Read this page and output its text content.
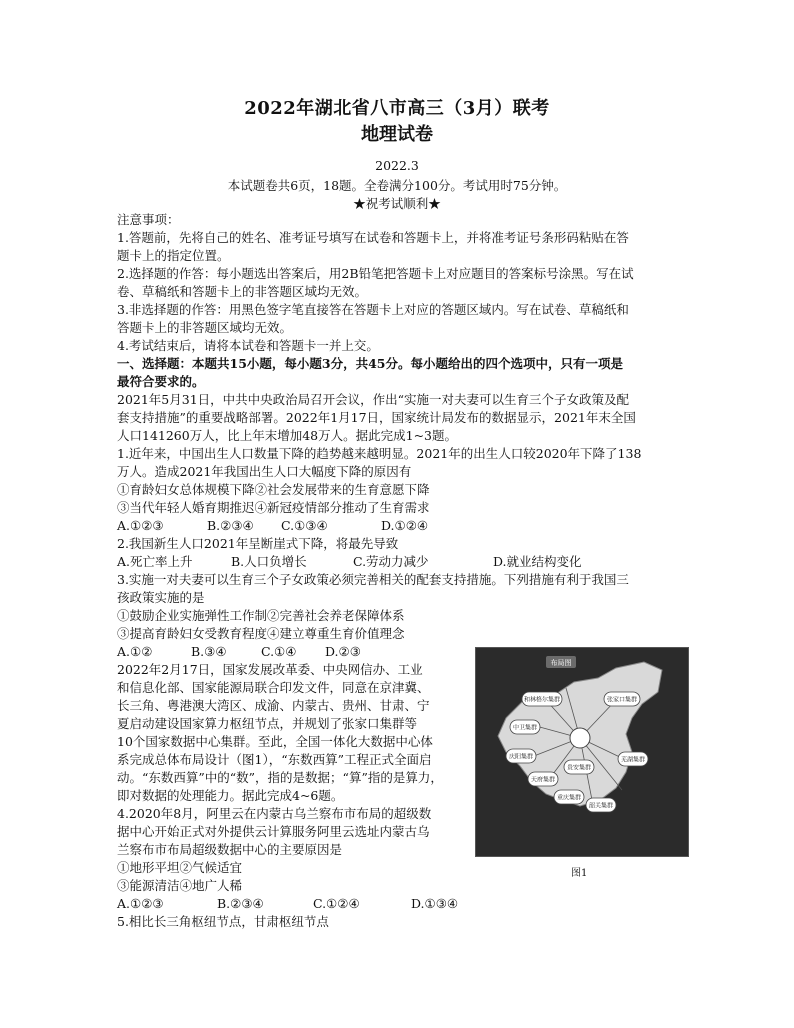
2022年湖北省八市高三（3月）联考
地理试卷
2022.3
本试题卷共6页，18题。全卷满分100分。考试用时75分钟。
★祝考试顺利★
注意事项：
1.答题前，先将自己的姓名、准考证号填写在试卷和答题卡上，并将准考证号条形码粘贴在答
题卡上的指定位置。
2.选择题的作答：每小题选出答案后，用2B铅笔把答题卡上对应题目的答案标号涂黑。写在试
卷、草稿纸和答题卡上的非答题区域均无效。
3.非选择题的作答：用黑色签字笔直接答在答题卡上对应的答题区域内。写在试卷、草稿纸和
答题卡上的非答题区域均无效。
4.考试结束后，请将本试卷和答题卡一并上交。
一、选择题：本题共15小题，每小题3分，共45分。每小题给出的四个选项中，只有一项是
最符合要求的。
2021年5月31日，中共中央政治局召开会议，作出“实施一对夫妻可以生育三个子女政策及配
套支持措施”的重要战略部署。2022年1月17日，国家统计局发布的数据显示，2021年末全国
人口141260万人，比上年末增加48万人。据此完成1~3题。
1.近年来，中国出生人口数量下降的趋势越来越明显。2021年的出生人口较2020年下降了138
万人。造成2021年我国出生人口大幅度下降的原因有
①育龄妇女总体规模下降②社会发展带来的生育意愿下降
③当代年轻人婚育期推迟④新冠疫情部分推动了生育需求
A.①②③	B.②③④ C.①③④	D.①②④
2.我国新生人口2021年呈断崖式下降，将最先导致
A.死亡率上升	B.人口负增长	C.劳动力减少	D.就业结构变化
3.实施一对夫妻可以生育三个子女政策必须完善相关的配套支持措施。下列措施有利于我国三
孩政策实施的是
①鼓励企业实施弹性工作制②完善社会养老保障体系
③提高育龄妇女受教育程度④建立尊重生育价值理念
A.①②	B.③④	C.①④ D.②③
2022年2月17日，国家发展改革委、中央网信办、工业
和信息化部、国家能源局联合印发文件，同意在京津冀、
长三角、粤港澳大湾区、成渝、内蒙古、贵州、甘肃、宁
夏启动建设国家算力枢纽节点，并规划了张家口集群等
10个国家数据中心集群。至此，全国一体化大数据中心体
系完成总体布局设计（图1），“东数西算”工程正式全面启
动。“东数西算”中的“数”，指的是数据；“算”指的是算力，
即对数据的处理能力。据此完成4~6题。
4.2020年8月，阿里云在内蒙古乌兰察布市布局的超级数
据中心开始正式对外提供云计算服务阿里云选址内蒙古乌
兰察布市布局超级数据中心的主要原因是
①地形平坦②气候适宜
③能源清洁④地广人稀
A.①②③	B.②③④	C.①②④	D.①③④
5.相比长三角枢纽节点，甘肃枢纽节点
和林格尔集群	张家口集群
中卫集群
庆阳集群
天府集群
重庆集群
韶关集群
芜湖集群
贵安集群
布局图
图1
